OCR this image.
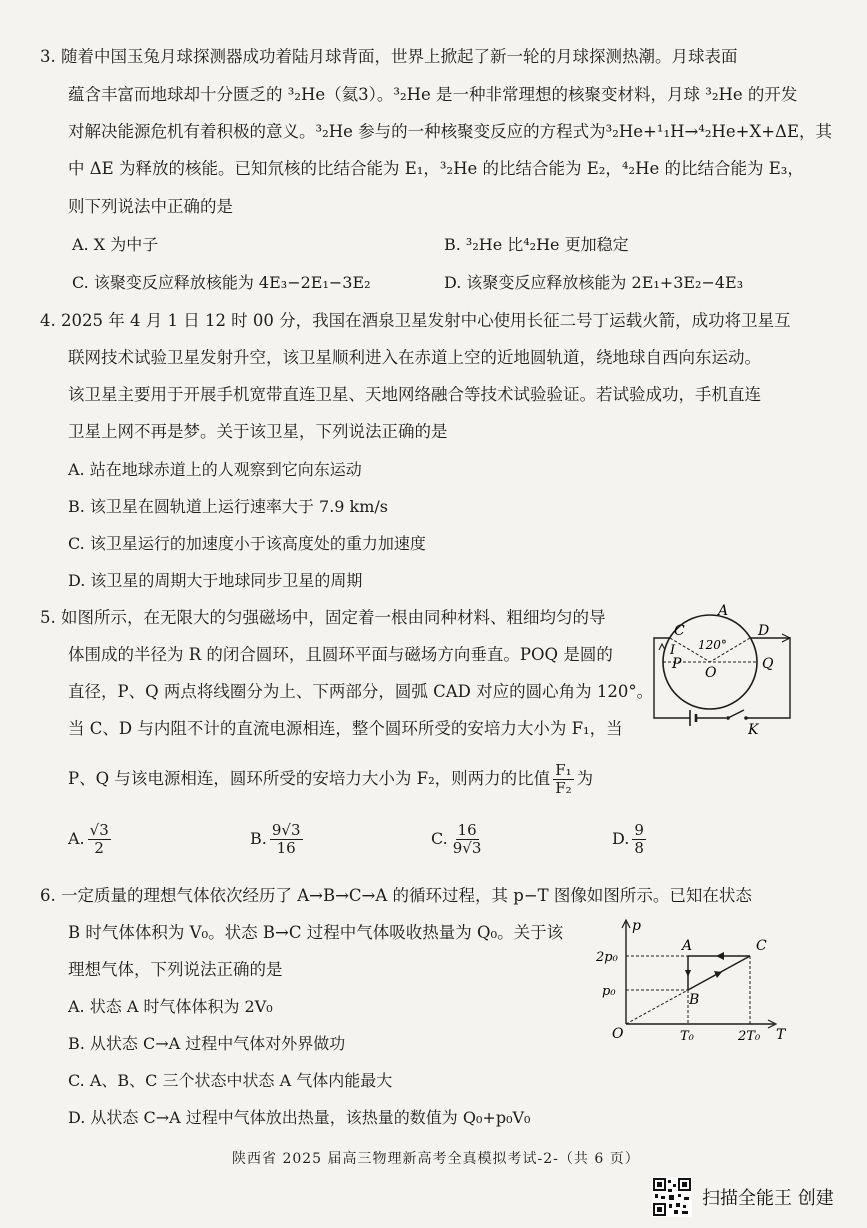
3. 随着中国玉兔月球探测器成功着陆月球背面，世界上掀起了新一轮的月球探测热潮。月球表面
蕴含丰富而地球却十分匮乏的 ³₂He（氦3）。³₂He 是一种非常理想的核聚变材料，月球 ³₂He 的开发
对解决能源危机有着积极的意义。³₂He 参与的一种核聚变反应的方程式为³₂He+¹₁H→⁴₂He+X+ΔE，其
中 ΔE 为释放的核能。已知氘核的比结合能为 E₁，³₂He 的比结合能为 E₂，⁴₂He 的比结合能为 E₃，
则下列说法中正确的是
A. X 为中子	B. ³₂He 比⁴₂He 更加稳定
C. 该聚变反应释放核能为 4E₃−2E₁−3E₂	D. 该聚变反应释放核能为 2E₁+3E₂−4E₃
4. 2025 年 4 月 1 日 12 时 00 分，我国在酒泉卫星发射中心使用长征二号丁运载火箭，成功将卫星互
联网技术试验卫星发射升空，该卫星顺利进入在赤道上空的近地圆轨道，绕地球自西向东运动。
该卫星主要用于开展手机宽带直连卫星、天地网络融合等技术试验验证。若试验成功，手机直连
卫星上网不再是梦。关于该卫星，下列说法正确的是
A. 站在地球赤道上的人观察到它向东运动
B. 该卫星在圆轨道上运行速率大于 7.9 km/s
C. 该卫星运行的加速度小于该高度处的重力加速度
D. 该卫星的周期大于地球同步卫星的周期
5. 如图所示，在无限大的匀强磁场中，固定着一根由同种材料、粗细均匀的导
体围成的半径为 R 的闭合圆环，且圆环平面与磁场方向垂直。POQ 是圆的
直径，P、Q 两点将线圈分为上、下两部分，圆弧 CAD 对应的圆心角为 120°。
当 C、D 与内阻不计的直流电源相连，整个圆环所受的安培力大小为 F₁，当
P、Q 与该电源相连，圆环所受的安培力大小为 F₂，则两力的比值 $\frac{\text{F₁}}{\text{F₂}}$ 为
A. $\frac{√3}{2}$	B. $\frac{9√3}{16}$	C. $\frac{16}{9√3}$	D. $\frac{9}{8}$
A
C	D
I
P	Q
O
120°
K
6. 一定质量的理想气体依次经历了 A→B→C→A 的循环过程，其 p−T 图像如图所示。已知在状态
B 时气体体积为 V₀。状态 B→C 过程中气体吸收热量为 Q₀。关于该
理想气体，下列说法正确的是
A. 状态 A 时气体体积为 2V₀
B. 从状态 C→A 过程中气体对外界做功
C. A、B、C 三个状态中状态 A 气体内能最大
D. 从状态 C→A 过程中气体放出热量，该热量的数值为 Q₀+p₀V₀
p
T
O
2p₀
p₀
T₀	2T₀
A
B
C
陕西省 2025 届高三物理新高考全真模拟考试-2-（共 6 页）
扫描全能王 创建
